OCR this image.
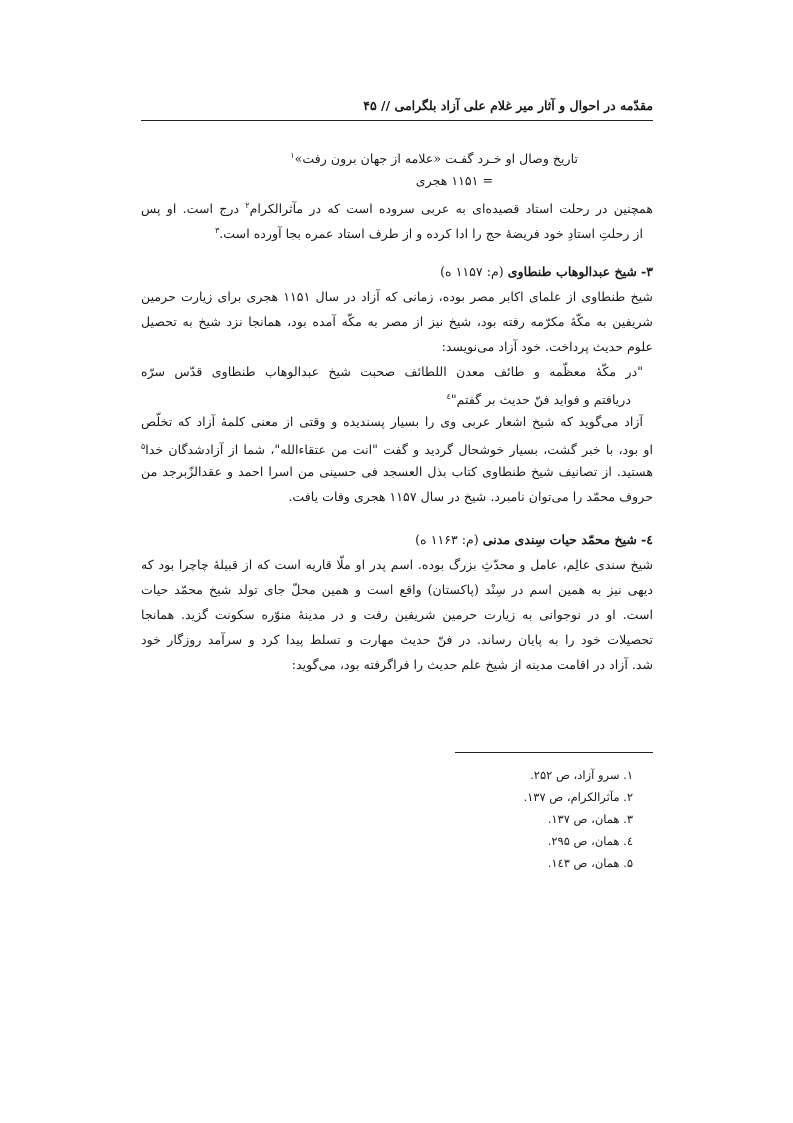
مقدّمه در احوال و آثار میر غلام علی آزاد بلگرامی // ۴۵
تاریخ وصال او خـرد گفـت «علامه از جهان برون رفت»$^۱$
= ۱۱۵۱ هجری
همچنین در رحلت استاد قصیده‌ای به عربی سروده است که در مآثرالکرام$^۲$ درج است. او پس
از رحلتِ استادِ خود فریضهٔ حج را ادا کرده و از طرف استاد عمره بجا آورده است.$^۳$
۳- شیخ عبدالوهاب طنطاوی (م: ۱۱۵۷ ه)
شیخ طنطاوی از علمای اکابر مصر بوده، زمانی که آزاد در سال ۱۱۵۱ هجری برای زیارت حرمین
شریفین به مکّهٔ مکرّمه رفته بود، شیخ نیز از مصر به مکّه آمده بود، همانجا نزد شیخ به تحصیل
علوم حدیث پرداخت. خود آزاد می‌نویسد:
"در مکّهٔ معظّمه و طائف معدن اللطائف صحبت شیخ عبدالوهاب طنطاوی قدّس سرّه
دریافتم و فواید فنّ حدیث بر گفتم"$^٤$
آزاد می‌گوید که شیخ اشعار عربی وی را بسیار پسندیده و وقتی از معنی کلمهٔ آزاد که تخلّص
او بود، با خبر گشت، بسیار خوشحال گردید و گفت "انت من عتقاءالله"، شما از آزادشدگان خدا$^۵$
هستید. از تصانیف شیخ طنطاوی کتاب بذل العسجد فی حسینی من اسرا احمد و عقدالزّبرجد من
حروف محمّد را می‌توان نامبرد. شیخ در سال ۱۱۵۷ هجری وفات یافت.
٤- شیخ محمّد حیات سِندی مدنی (م: ۱۱۶۳ ه)
شیخ سندی عالِم، عامل و محدّثِ بزرگ بوده. اسم پدر او ملّا قاریه است که از قبیلهٔ چاچرا بود که
دیهی نیز به همین اسم در سِنْد (پاکستان) واقع است و همین محلّ جای تولد شیخ محمّد حیات
است. او در نوجوانی به زیارت حرمین شریفین رفت و در مدینهٔ منوّره سکونت گزید. همانجا
تحصیلات خود را به پایان رساند. در فنّ حدیث مهارت و تسلط پیدا کرد و سرآمد روزگار خود
شد. آزاد در اقامت مدینه از شیخ علم حدیث را فراگرفته بود، می‌گوید:
۱. سرو آزاد، ص ۲۵۲.
۲. مآثرالکرام، ص ۱۳۷.
۳. همان، ص ۱۳۷.
٤. همان، ص ۲۹۵.
۵. همان، ص ۱٤۳.
